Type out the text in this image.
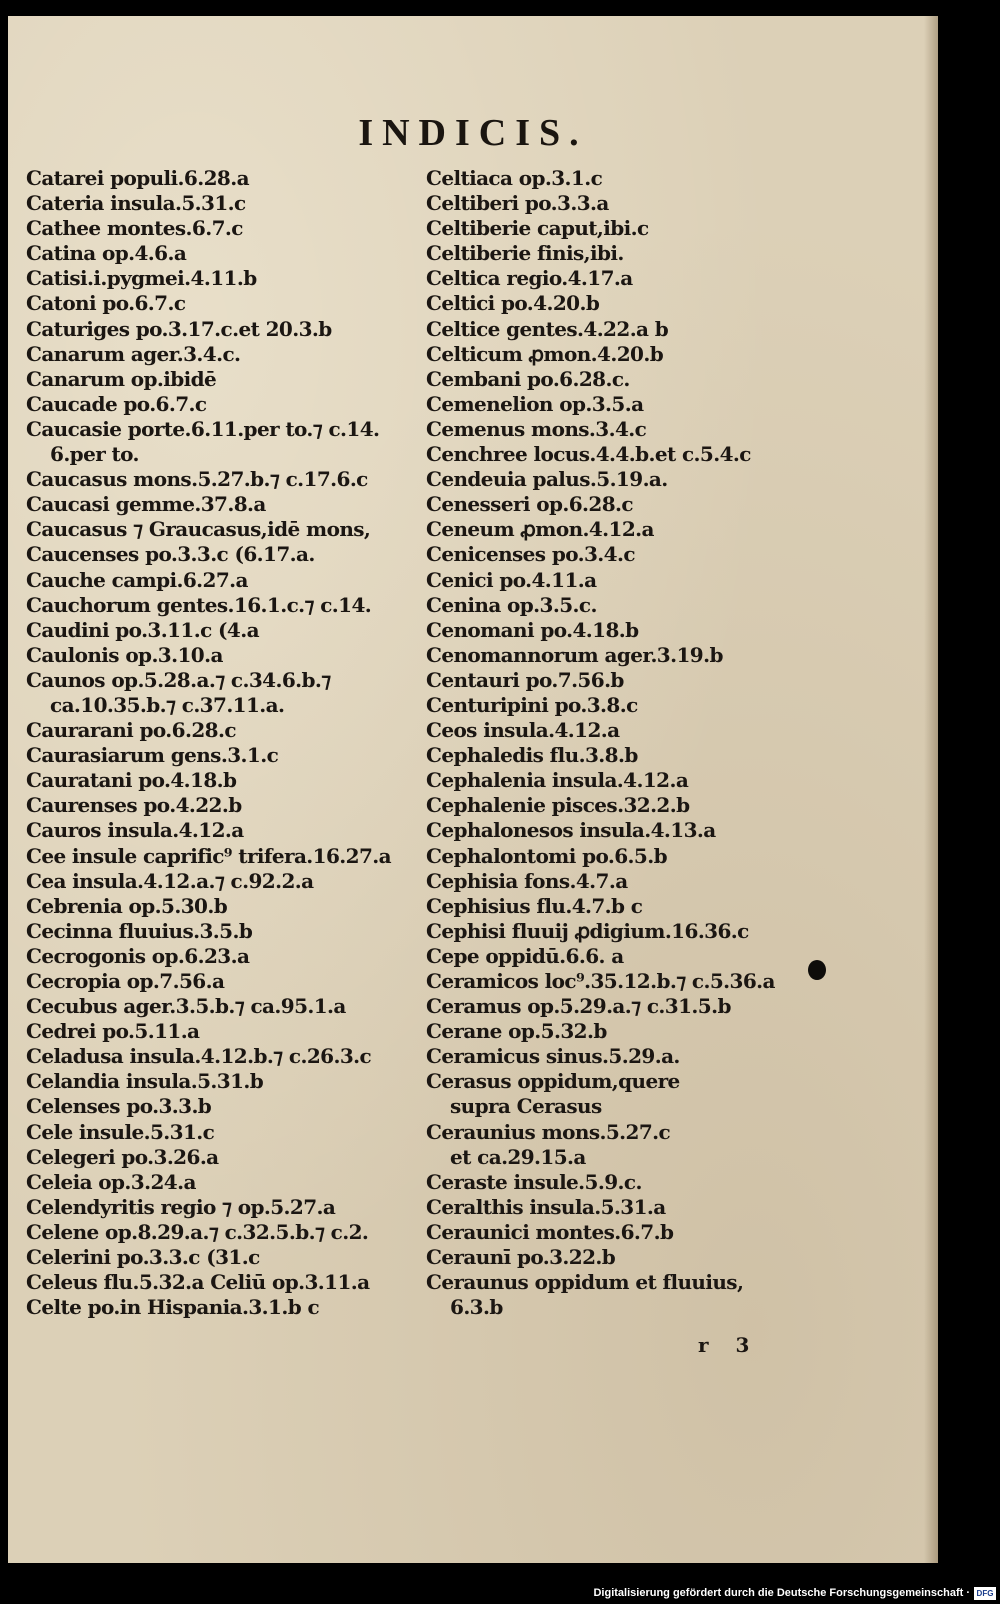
INDICIS.
Catarei populi.6.28.a
Cateria insula.5.31.c
Cathee montes.6.7.c
Catina op.4.6.a
Catisi.i.pygmei.4.11.b
Catoni po.6.7.c
Caturiges po.3.17.c.et 20.3.b
Canarum ager.3.4.c.
Canarum op.ibidē
Caucade po.6.7.c
Caucasie porte.6.11.per to.⁊ c.14.
6.per to.
Caucasus mons.5.27.b.⁊ c.17.6.c
Caucasi gemme.37.8.a
Caucasus ⁊ Graucasus,idē mons,
Caucenses po.3.3.c (6.17.a.
Cauche campi.6.27.a
Cauchorum gentes.16.1.c.⁊ c.14.
Caudini po.3.11.c (4.a
Caulonis op.3.10.a
Caunos op.5.28.a.⁊ c.34.6.b.⁊
ca.10.35.b.⁊ c.37.11.a.
Caurarani po.6.28.c
Caurasiarum gens.3.1.c
Cauratani po.4.18.b
Caurenses po.4.22.b
Cauros insula.4.12.a
Cee insule caprific⁹ trifera.16.27.a
Cea insula.4.12.a.⁊ c.92.2.a
Cebrenia op.5.30.b
Cecinna fluuius.3.5.b
Cecrogonis op.6.23.a
Cecropia op.7.56.a
Cecubus ager.3.5.b.⁊ ca.95.1.a
Cedrei po.5.11.a
Celadusa insula.4.12.b.⁊ c.26.3.c
Celandia insula.5.31.b
Celenses po.3.3.b
Cele insule.5.31.c
Celegeri po.3.26.a
Celeia op.3.24.a
Celendyritis regio ⁊ op.5.27.a
Celene op.8.29.a.⁊ c.32.5.b.⁊ c.2.
Celerini po.3.3.c (31.c
Celeus flu.5.32.a Celiū op.3.11.a
Celte po.in Hispania.3.1.b c
Celtiaca op.3.1.c
Celtiberi po.3.3.a
Celtiberie caput,ibi.c
Celtiberie finis,ibi.
Celtica regio.4.17.a
Celtici po.4.20.b
Celtice gentes.4.22.a b
Celticum ꝓmon.4.20.b
Cembani po.6.28.c.
Cemenelion op.3.5.a
Cemenus mons.3.4.c
Cenchree locus.4.4.b.et c.5.4.c
Cendeuia palus.5.19.a.
Cenesseri op.6.28.c
Ceneum ꝓmon.4.12.a
Cenicenses po.3.4.c
Cenici po.4.11.a
Cenina op.3.5.c.
Cenomani po.4.18.b
Cenomannorum ager.3.19.b
Centauri po.7.56.b
Centuripini po.3.8.c
Ceos insula.4.12.a
Cephaledis flu.3.8.b
Cephalenia insula.4.12.a
Cephalenie pisces.32.2.b
Cephalonesos insula.4.13.a
Cephalontomi po.6.5.b
Cephisia fons.4.7.a
Cephisius flu.4.7.b c
Cephisi fluuij ꝓdigium.16.36.c
Cepe oppidū.6.6. a
Ceramicos loc⁹.35.12.b.⁊ c.5.36.a
Ceramus op.5.29.a.⁊ c.31.5.b
Cerane op.5.32.b
Ceramicus sinus.5.29.a.
Cerasus oppidum,quere
supra Cerasus
Ceraunius mons.5.27.c
et ca.29.15.a
Ceraste insule.5.9.c.
Ceralthis insula.5.31.a
Ceraunici montes.6.7.b
Ceraunī po.3.22.b
Ceraunus oppidum et fluuius,
6.3.b
r 3
Digitalisierung gefördert durch die Deutsche Forschungsgemeinschaft · DFG
